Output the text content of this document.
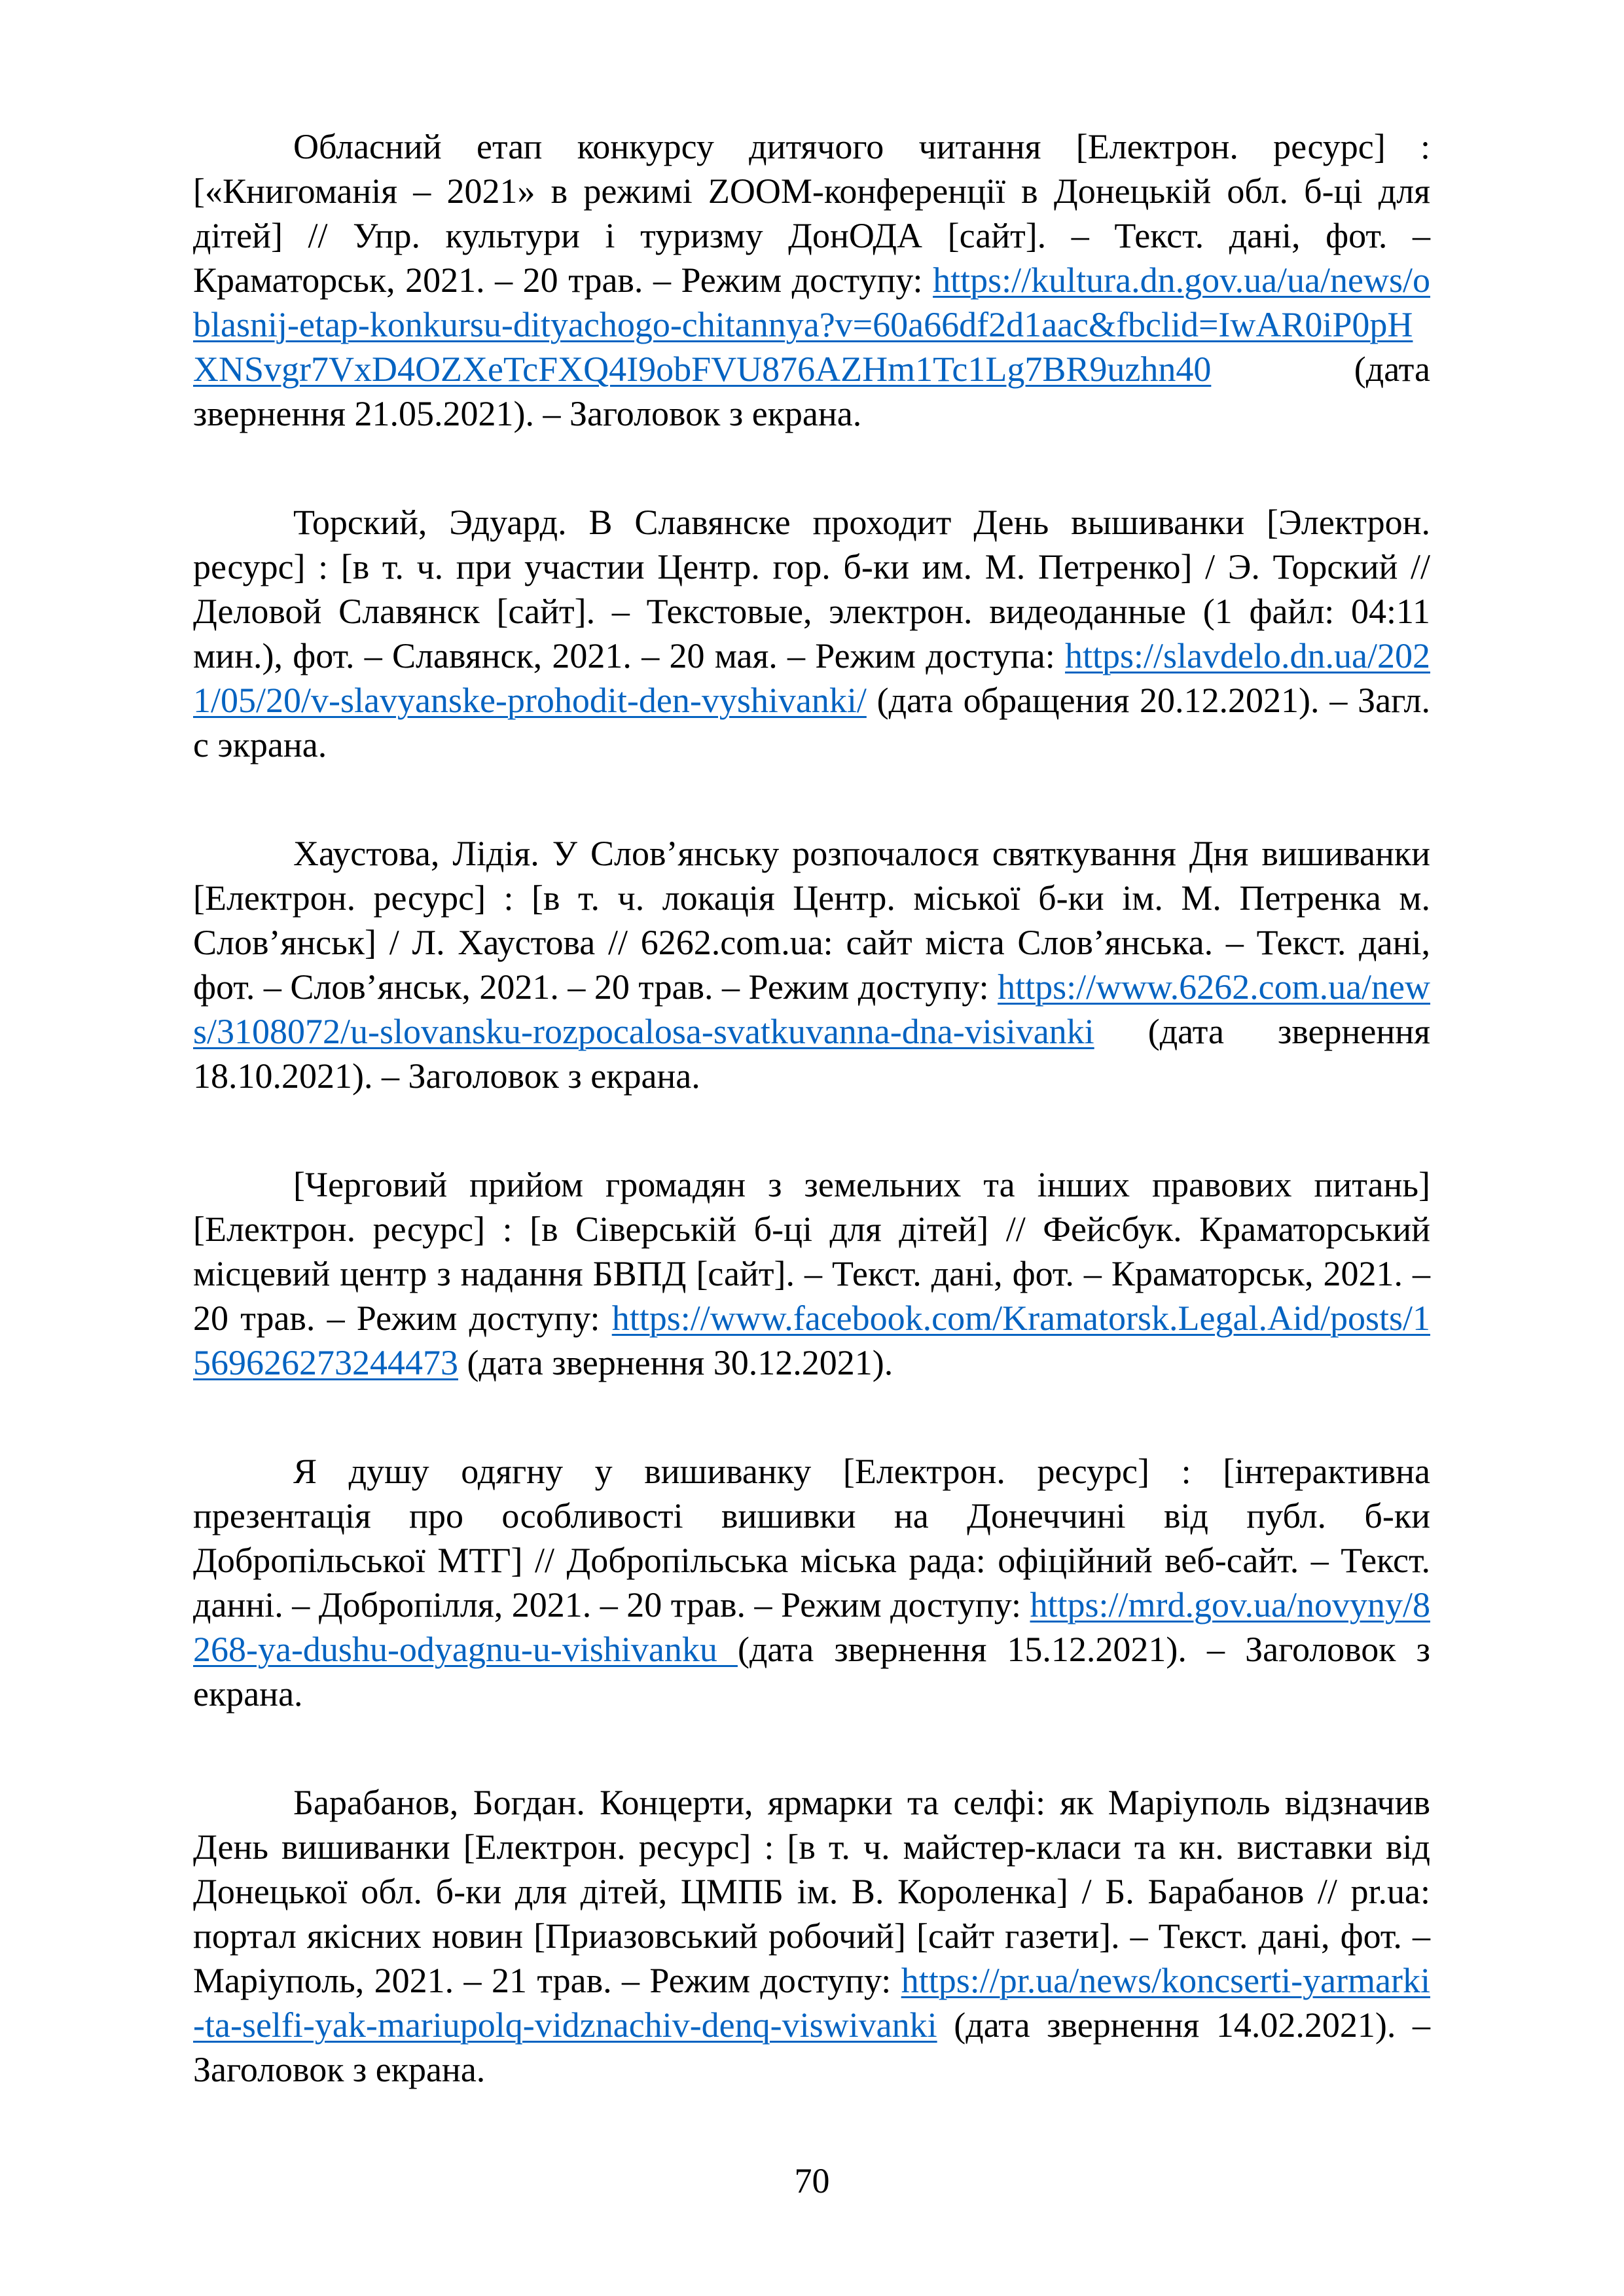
Обласний етап конкурсу дитячого читання [Електрон. ресурс] : [«Книгоманія – 2021» в режимі ZOOM-конференції в Донецькій обл. б-ці для дітей] // Упр. культури і туризму ДонОДА [сайт]. – Текст. дані, фот. – Краматорськ, 2021. – 20 трав. – Режим доступу: https://kultura.dn.gov.ua/ua/news/oblasnij-etap-konkursu-dityachogo-chitannya?v=60a66df2d1aac&fbclid=IwAR0iP0pHXNSvgr7VxD4OZXeTcFXQ4I9obFVU876AZHm1Tc1Lg7BR9uzhn40 (дата звернення 21.05.2021). – Заголовок з екрана.

Торский, Эдуард. В Славянске проходит День вышиванки [Электрон. ресурс] : [в т. ч. при участии Центр. гор. б-ки им. М. Петренко] / Э. Торский // Деловой Славянск [сайт]. – Текстовые, электрон. видеоданные (1 файл: 04:11 мин.), фот. – Славянск, 2021. – 20 мая. – Режим доступа: https://slavdelo.dn.ua/2021/05/20/v-slavyanske-prohodit-den-vyshivanki/ (дата обращения 20.12.2021). – Загл. с экрана.

Хаустова, Лідія. У Слов’янську розпочалося святкування Дня вишиванки [Електрон. ресурс] : [в т. ч. локація Центр. міської б-ки ім. М. Петренка м. Слов’янськ] / Л. Хаустова // 6262.com.ua: сайт міста Слов’янська. – Текст. дані, фот. – Слов’янськ, 2021. – 20 трав. – Режим доступу: https://www.6262.com.ua/news/3108072/u-slovansku-rozpocalosa-svatkuvanna-dna-visivanki (дата звернення 18.10.2021). – Заголовок з екрана.

[Черговий прийом громадян з земельних та інших правових питань] [Електрон. ресурс] : [в Сіверській б-ці для дітей] // Фейсбук. Краматорський місцевий центр з надання БВПД [сайт]. – Текст. дані, фот. – Краматорськ, 2021. – 20 трав. – Режим доступу: https://www.facebook.com/Kramatorsk.Legal.Aid/posts/1569626273244473 (дата звернення 30.12.2021).

Я душу одягну у вишиванку [Електрон. ресурс] : [інтерактивна презентація про особливості вишивки на Донеччині від публ. б-ки Добропільської МТГ] // Добропільська міська рада: офіційний веб-сайт. – Текст. данні. – Добропілля, 2021. – 20 трав. – Режим доступу: https://mrd.gov.ua/novyny/8268-ya-dushu-odyagnu-u-vishivanku (дата звернення 15.12.2021). – Заголовок з екрана.

Барабанов, Богдан. Концерти, ярмарки та селфі: як Маріуполь відзначив День вишиванки [Електрон. ресурс] : [в т. ч. майстер-класи та кн. виставки від Донецької обл. б-ки для дітей, ЦМПБ ім. В. Короленка] / Б. Барабанов // pr.ua: портал якісних новин [Приазовський робочий] [сайт газети]. – Текст. дані, фот. – Маріуполь, 2021. – 21 трав. – Режим доступу: https://pr.ua/news/koncserti-yarmarki-ta-selfi-yak-mariupolq-vidznachiv-denq-viswivanki (дата звернення 14.02.2021). – Заголовок з екрана.

70
